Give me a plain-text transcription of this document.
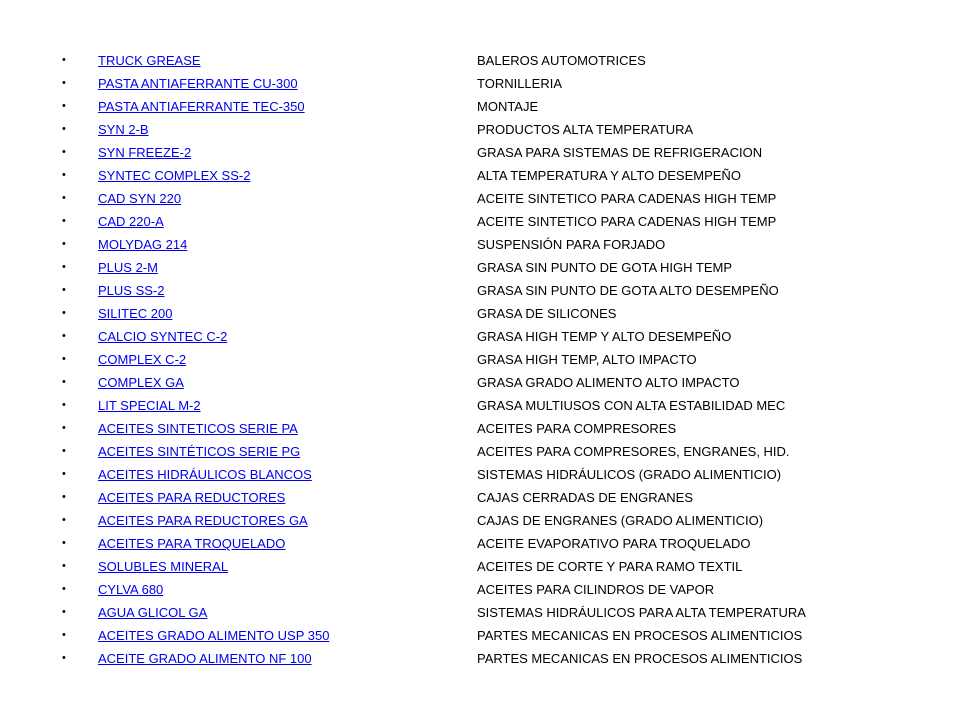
• TRUCK GREASE	BALEROS AUTOMOTRICES
• PASTA ANTIAFERRANTE CU-300	TORNILLERIA
• PASTA ANTIAFERRANTE TEC-350	MONTAJE
• SYN 2-B	PRODUCTOS ALTA TEMPERATURA
• SYN FREEZE-2	GRASA PARA SISTEMAS DE REFRIGERACION
• SYNTEC COMPLEX SS-2	ALTA TEMPERATURA Y ALTO DESEMPEÑO
• CAD SYN 220	ACEITE SINTETICO PARA CADENAS HIGH TEMP
• CAD 220-A	ACEITE SINTETICO PARA CADENAS HIGH TEMP
• MOLYDAG 214	SUSPENSIÓN PARA FORJADO
• PLUS 2-M	GRASA SIN PUNTO DE GOTA HIGH TEMP
• PLUS SS-2	GRASA SIN PUNTO DE GOTA ALTO DESEMPEÑO
• SILITEC 200	GRASA DE SILICONES
• CALCIO SYNTEC C-2	GRASA HIGH TEMP Y ALTO DESEMPEÑO
• COMPLEX C-2	GRASA HIGH TEMP, ALTO IMPACTO
• COMPLEX GA	GRASA GRADO ALIMENTO ALTO IMPACTO
• LIT SPECIAL M-2	GRASA MULTIUSOS CON ALTA ESTABILIDAD MEC
• ACEITES SINTETICOS SERIE PA	ACEITES PARA COMPRESORES
• ACEITES SINTÉTICOS SERIE PG	ACEITES PARA COMPRESORES, ENGRANES, HID.
• ACEITES HIDRÁULICOS BLANCOS	SISTEMAS HIDRÁULICOS (GRADO ALIMENTICIO)
• ACEITES PARA REDUCTORES	CAJAS CERRADAS DE ENGRANES
• ACEITES PARA REDUCTORES GA	CAJAS DE ENGRANES (GRADO ALIMENTICIO)
• ACEITES PARA TROQUELADO	ACEITE EVAPORATIVO PARA TROQUELADO
• SOLUBLES MINERAL	ACEITES DE CORTE Y PARA RAMO TEXTIL
• CYLVA 680	ACEITES PARA CILINDROS DE VAPOR
• AGUA GLICOL GA	SISTEMAS HIDRÁULICOS PARA ALTA TEMPERATURA
• ACEITES GRADO ALIMENTO USP 350	PARTES MECANICAS EN PROCESOS ALIMENTICIOS
• ACEITE GRADO ALIMENTO NF 100	PARTES MECANICAS EN PROCESOS ALIMENTICIOS
